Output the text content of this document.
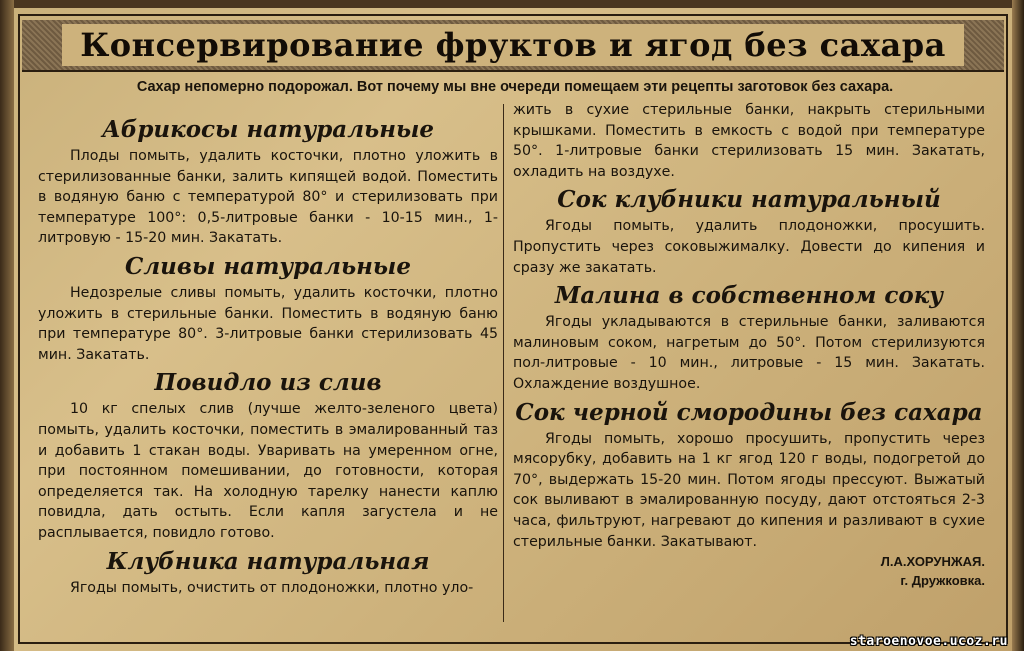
Консервирование фруктов и ягод без сахара
Сахар непомерно подорожал. Вот почему мы вне очереди помещаем эти рецепты заготовок без сахара.
Абрикосы натуральные

Плоды помыть, удалить косточки, плотно уложить в стерилизованные банки, залить кипящей водой. Поместить в водяную баню с температурой 80° и стерилизовать при температуре 100°: 0,5-литровые банки - 10-15 мин., 1- литровую - 15-20 мин. Закатать.

Сливы натуральные

Недозрелые сливы помыть, удалить косточки, плотно уложить в стерильные банки. Поместить в водяную баню при температуре 80°. 3-литровые банки стерилизовать 45 мин. Закатать.

Повидло из слив

10 кг спелых слив (лучше желто-зеленого цвета) помыть, удалить косточки, поместить в эмалированный таз и добавить 1 стакан воды. Уваривать на умеренном огне, при постоянном помешивании, до готовности, которая определяется так. На холодную тарелку нанести каплю повидла, дать остыть. Если капля загустела и не расплывается, повидло готово.

Клубника натуральная

Ягоды помыть, очистить от плодоножки, плотно уло-

жить в сухие стерильные банки, накрыть стерильными крышками. Поместить в емкость с водой при температуре 50°. 1-литровые банки стерилизовать 15 мин. Закатать, охладить на воздухе.

Сок клубники натуральный

Ягоды помыть, удалить плодоножки, просушить. Пропустить через соковыжималку. Довести до кипения и сразу же закатать.

Малина в собственном соку

Ягоды укладываются в стерильные банки, заливаются малиновым соком, нагретым до 50°. Потом стерилизуются пол-литровые - 10 мин., литровые - 15 мин. Закатать. Охлаждение воздушное.

Сок черной смородины без сахара

Ягоды помыть, хорошо просушить, пропустить через мясорубку, добавить на 1 кг ягод 120 г воды, подогретой до 70°, выдержать 15-20 мин. Потом ягоды прессуют. Выжатый сок выливают в эмалированную посуду, дают отстояться 2-3 часа, фильтруют, нагревают до кипения и разливают в сухие стерильные банки. Закатывают.

Л.А.ХОРУНЖАЯ.

г. Дружковка.

staroenovoe.ucoz.ru
